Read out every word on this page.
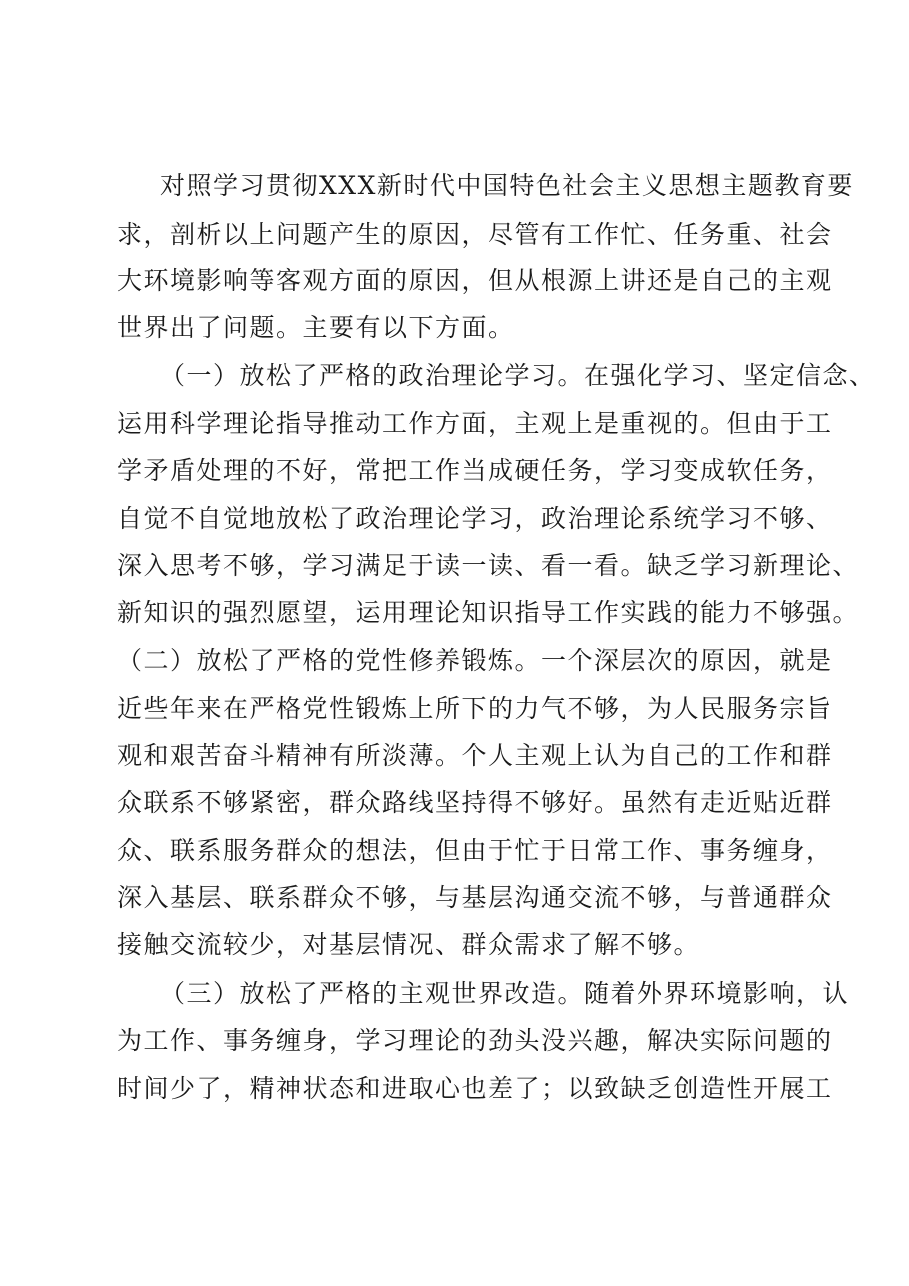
对照学习贯彻XXX新时代中国特色社会主义思想主题教育要
求，剖析以上问题产生的原因，尽管有工作忙、任务重、社会
大环境影响等客观方面的原因，但从根源上讲还是自己的主观
世界出了问题。主要有以下方面。
（一）放松了严格的政治理论学习。在强化学习、坚定信念、
运用科学理论指导推动工作方面，主观上是重视的。但由于工
学矛盾处理的不好，常把工作当成硬任务，学习变成软任务，
自觉不自觉地放松了政治理论学习，政治理论系统学习不够、
深入思考不够，学习满足于读一读、看一看。缺乏学习新理论、
新知识的强烈愿望，运用理论知识指导工作实践的能力不够强。
（二）放松了严格的党性修养锻炼。一个深层次的原因，就是
近些年来在严格党性锻炼上所下的力气不够，为人民服务宗旨
观和艰苦奋斗精神有所淡薄。个人主观上认为自己的工作和群
众联系不够紧密，群众路线坚持得不够好。虽然有走近贴近群
众、联系服务群众的想法，但由于忙于日常工作、事务缠身，
深入基层、联系群众不够，与基层沟通交流不够，与普通群众
接触交流较少，对基层情况、群众需求了解不够。
（三）放松了严格的主观世界改造。随着外界环境影响，认
为工作、事务缠身，学习理论的劲头没兴趣，解决实际问题的
时间少了，精神状态和进取心也差了；以致缺乏创造性开展工
